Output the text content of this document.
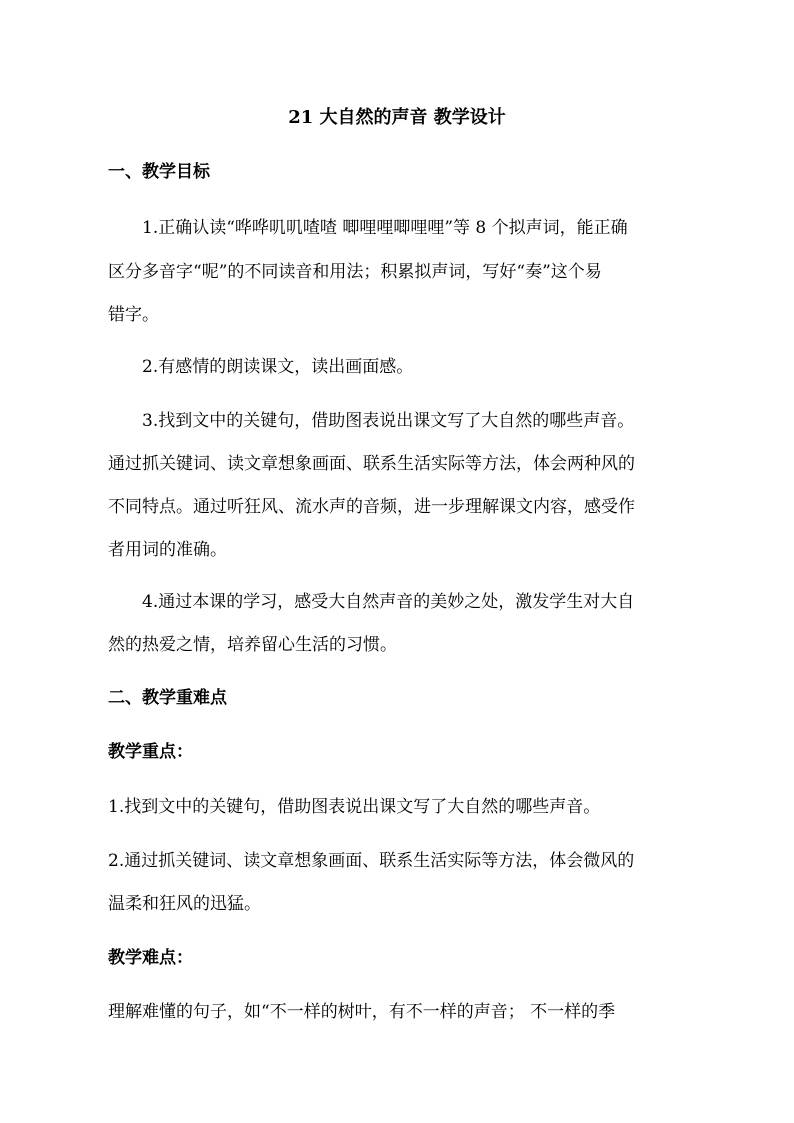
21 大自然的声音 教学设计
一、教学目标
1.正确认读“哗哗叽叽喳喳 唧哩哩唧哩哩”等 8 个拟声词，能正确
区分多音字“呢”的不同读音和用法；积累拟声词，写好“奏”这个易
错字。
2.有感情的朗读课文，读出画面感。
3.找到文中的关键句，借助图表说出课文写了大自然的哪些声音。
通过抓关键词、读文章想象画面、联系生活实际等方法，体会两种风的
不同特点。通过听狂风、流水声的音频，进一步理解课文内容，感受作
者用词的准确。
4.通过本课的学习，感受大自然声音的美妙之处，激发学生对大自
然的热爱之情，培养留心生活的习惯。
二、教学重难点
教学重点：
1.找到文中的关键句，借助图表说出课文写了大自然的哪些声音。
2.通过抓关键词、读文章想象画面、联系生活实际等方法，体会微风的
温柔和狂风的迅猛。
教学难点：
理解难懂的句子，如“不一样的树叶，有不一样的声音； 不一样的季
